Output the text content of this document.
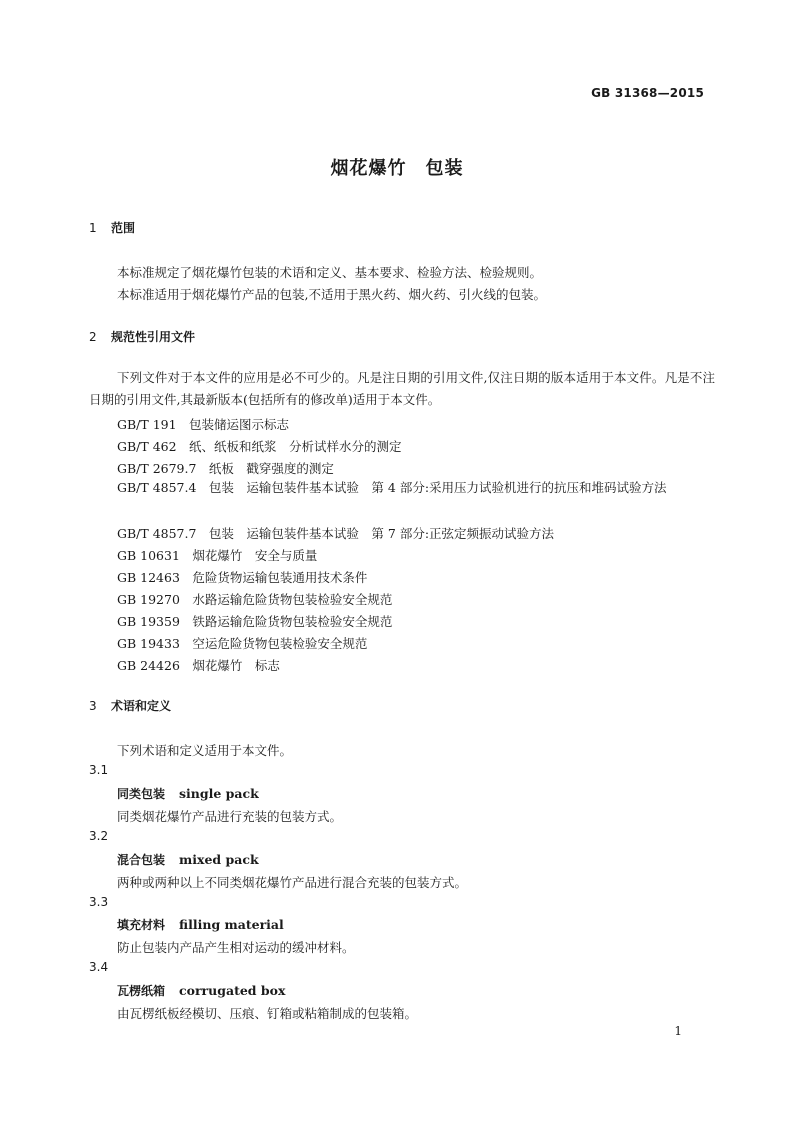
GB 31368—2015
烟花爆竹　包装
1 范围
本标准规定了烟花爆竹包装的术语和定义、基本要求、检验方法、检验规则。
本标准适用于烟花爆竹产品的包装,不适用于黑火药、烟火药、引火线的包装。
2 规范性引用文件
下列文件对于本文件的应用是必不可少的。凡是注日期的引用文件,仅注日期的版本适用于本文件。凡是不注日期的引用文件,其最新版本(包括所有的修改单)适用于本文件。
GB/T 191　包装储运图示标志
GB/T 462　纸、纸板和纸浆　分析试样水分的测定
GB/T 2679.7　纸板　戳穿强度的测定
GB/T 4857.4　包装　运输包装件基本试验　第 4 部分:采用压力试验机进行的抗压和堆码试验方法
GB/T 4857.7　包装　运输包装件基本试验　第 7 部分:正弦定频振动试验方法
GB 10631　烟花爆竹　安全与质量
GB 12463　危险货物运输包装通用技术条件
GB 19270　水路运输危险货物包装检验安全规范
GB 19359　铁路运输危险货物包装检验安全规范
GB 19433　空运危险货物包装检验安全规范
GB 24426　烟花爆竹　标志
3 术语和定义
下列术语和定义适用于本文件。
3.1
同类包装 single pack
同类烟花爆竹产品进行充装的包装方式。
3.2
混合包装 mixed pack
两种或两种以上不同类烟花爆竹产品进行混合充装的包装方式。
3.3
填充材料 filling material
防止包装内产品产生相对运动的缓冲材料。
3.4
瓦楞纸箱 corrugated box
由瓦楞纸板经模切、压痕、钉箱或粘箱制成的包装箱。
1
